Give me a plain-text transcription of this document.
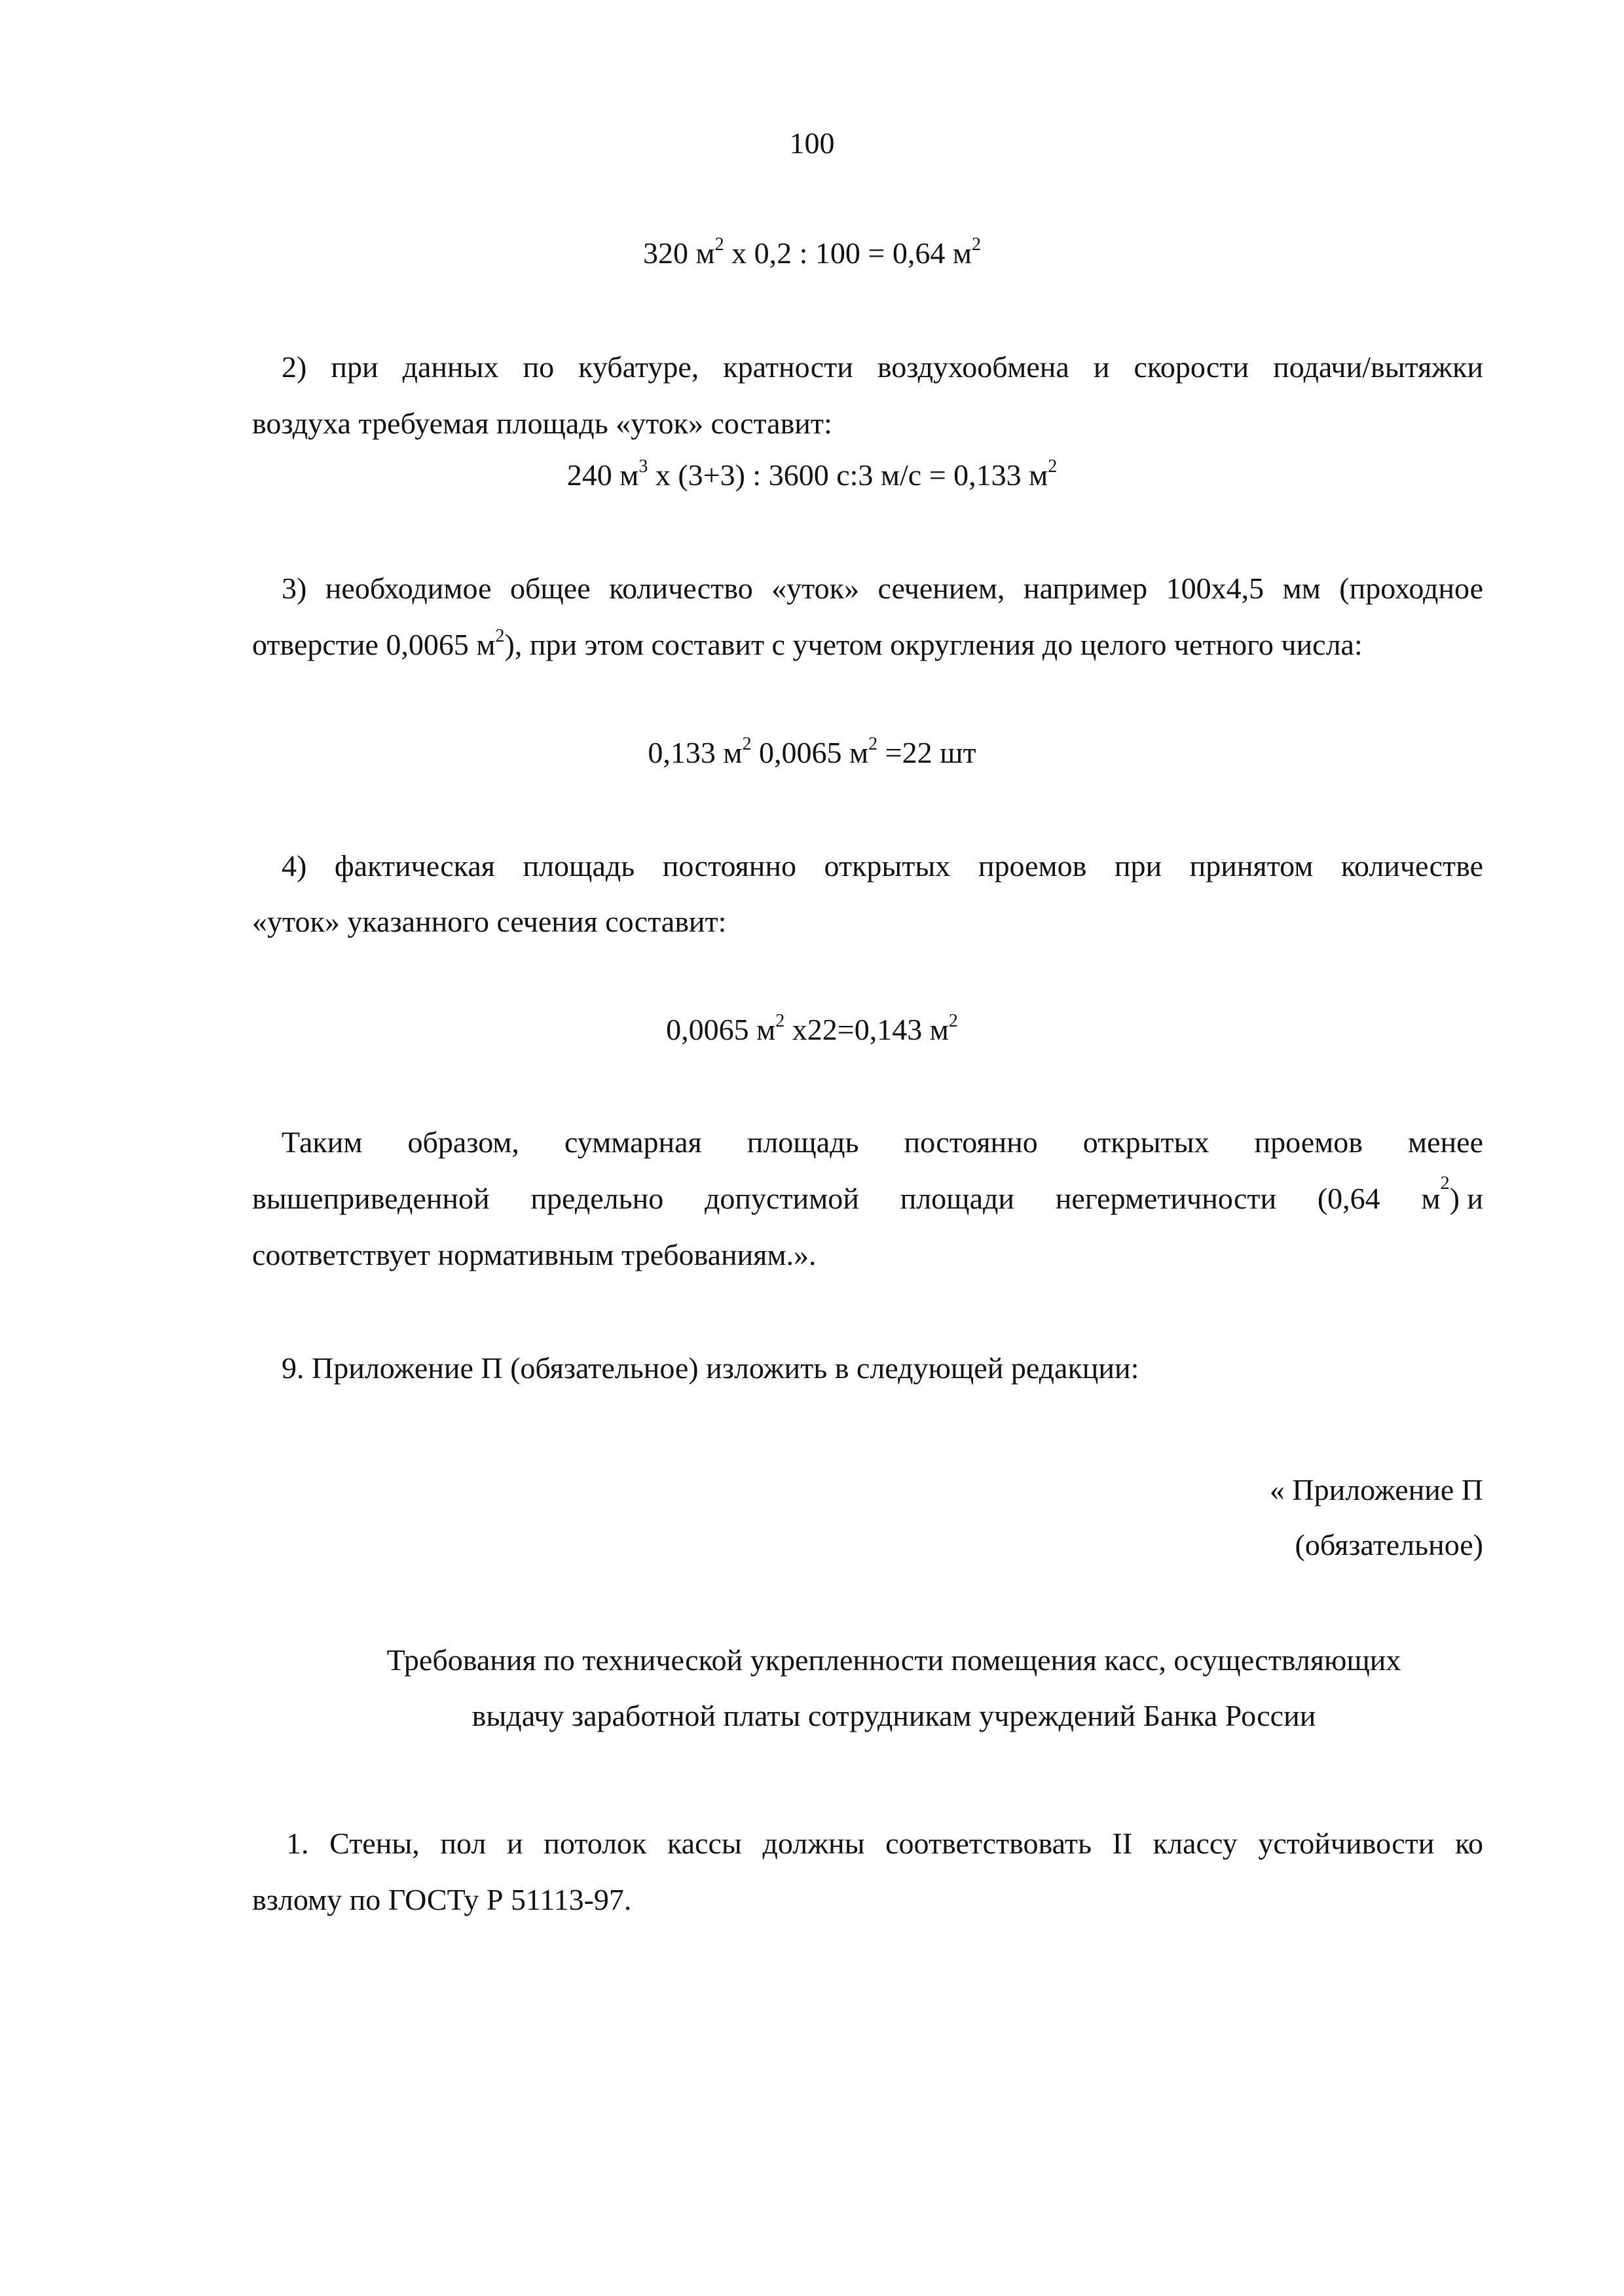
100
320 $м^2$ х 0,2 : 100 = 0,64 $м^2$
2) при данных по кубатуре, кратности воздухообмена и скорости подачи/вытяжки
воздуха требуемая площадь «уток» составит:
240 $м^3$ х (3+3) : 3600 с:3 м/с = 0,133 $м^2$
3) необходимое общее количество «уток» сечением, например 100х4,5 мм (проходное
отверстие 0,0065 $м^2$), при этом составит с учетом округления до целого четного числа:
0,133 $м^2$ 0,0065 $м^2 =22$ шт
4) фактическая площадь постоянно открытых проемов при принятом количестве
«уток» указанного сечения составит:
0,0065 $м^2$ х22=0,143 $м^2$
Таким образом, суммарная площадь постоянно открытых проемов менее
вышеприведенной предельно допустимой площади негерметичности (0,64 м 2 ) и
соответствует нормативным требованиям.».
9. Приложение П (обязательное) изложить в следующей редакции:
« Приложение П
(обязательное)
Требования по технической укрепленности помещения касс, осуществляющих
выдачу заработной платы сотрудникам учреждений Банка России
1. Стены, пол и потолок кассы должны соответствовать II классу устойчивости ко
взлому по ГОСТу Р 51113-97.
